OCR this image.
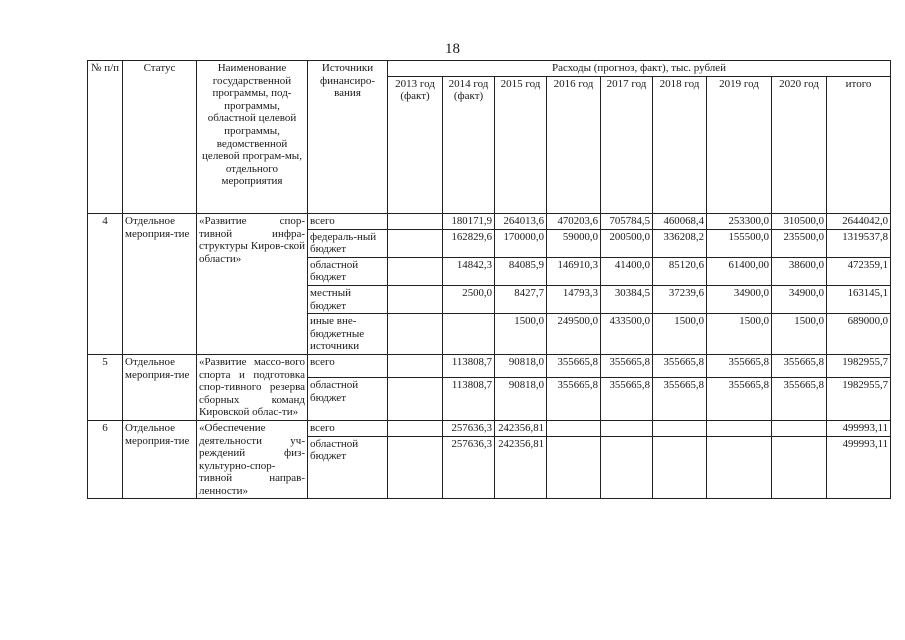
18
№ п/п	Статус	Наименование государственной программы, под-программы, областной целевой программы, ведомственной целевой програм-мы, отдельного мероприятия	Источники финансиро-вания	Расходы (прогноз, факт), тыс. рублей								
				2013 год (факт)	2014 год (факт)	2015 год	2016 год	2017 год	2018 год	2019 год	2020 год	итого
4	Отдельное мероприя-тие	«Развитие спор-тивной инфра-структуры Киров-ской области»	всего		180171,9	264013,6	470203,6	705784,5	460068,4	253300,0	310500,0	2644042,0
			федераль-ный бюджет		162829,6	170000,0	59000,0	200500,0	336208,2	155500,0	235500,0	1319537,8
			областной бюджет		14842,3	84085,9	146910,3	41400,0	85120,6	61400,00	38600,0	472359,1
			местный бюджет		2500,0	8427,7	14793,3	30384,5	37239,6	34900,0	34900,0	163145,1
			иные вне-бюджетные источники			1500,0	249500,0	433500,0	1500,0	1500,0	1500,0	689000,0

5	Отдельное мероприя-тие	«Развитие массо-вого спорта и подготовка спор-тивного резерва сборных команд Кировской облас-ти»	всего		113808,7	90818,0	355665,8	355665,8	355665,8	355665,8	355665,8	1982955,7
			областной бюджет		113808,7	90818,0	355665,8	355665,8	355665,8	355665,8	355665,8	1982955,7
6	Отдельное мероприя-тие	«Обеспечение деятельности уч-реждений физ-культурно-спор-тивной направ-ленности»	всего		257636,3	242356,81						499993,11
			областной бюджет		257636,3	242356,81						499993,11
